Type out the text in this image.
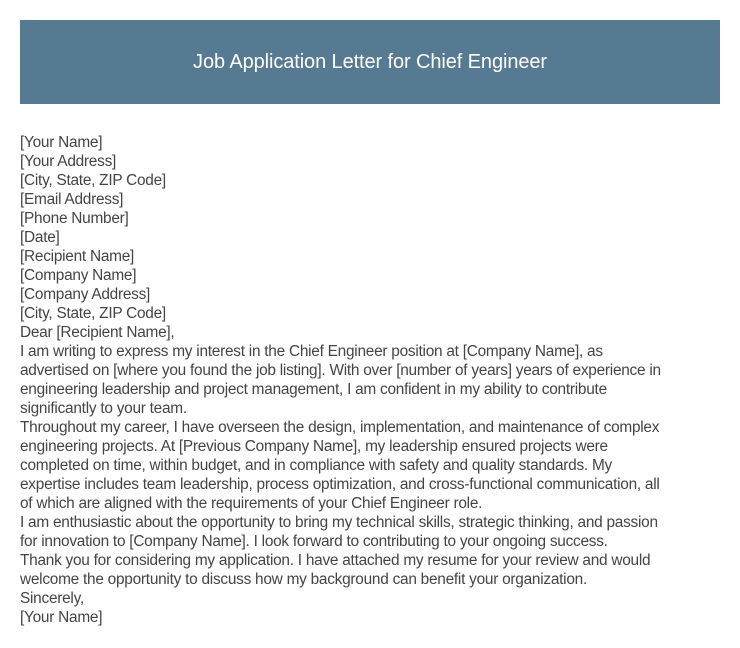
Job Application Letter for Chief Engineer
[Your Name]
[Your Address]
[City, State, ZIP Code]
[Email Address]
[Phone Number]
[Date]
[Recipient Name]
[Company Name]
[Company Address]
[City, State, ZIP Code]
Dear [Recipient Name],

I am writing to express my interest in the Chief Engineer position at [Company Name], as
advertised on [where you found the job listing]. With over [number of years] years of experience in
engineering leadership and project management, I am confident in my ability to contribute
significantly to your team.

Throughout my career, I have overseen the design, implementation, and maintenance of complex
engineering projects. At [Previous Company Name], my leadership ensured projects were
completed on time, within budget, and in compliance with safety and quality standards. My
expertise includes team leadership, process optimization, and cross-functional communication, all
of which are aligned with the requirements of your Chief Engineer role.

I am enthusiastic about the opportunity to bring my technical skills, strategic thinking, and passion
for innovation to [Company Name]. I look forward to contributing to your ongoing success.

Thank you for considering my application. I have attached my resume for your review and would
welcome the opportunity to discuss how my background can benefit your organization.

Sincerely,
[Your Name]
